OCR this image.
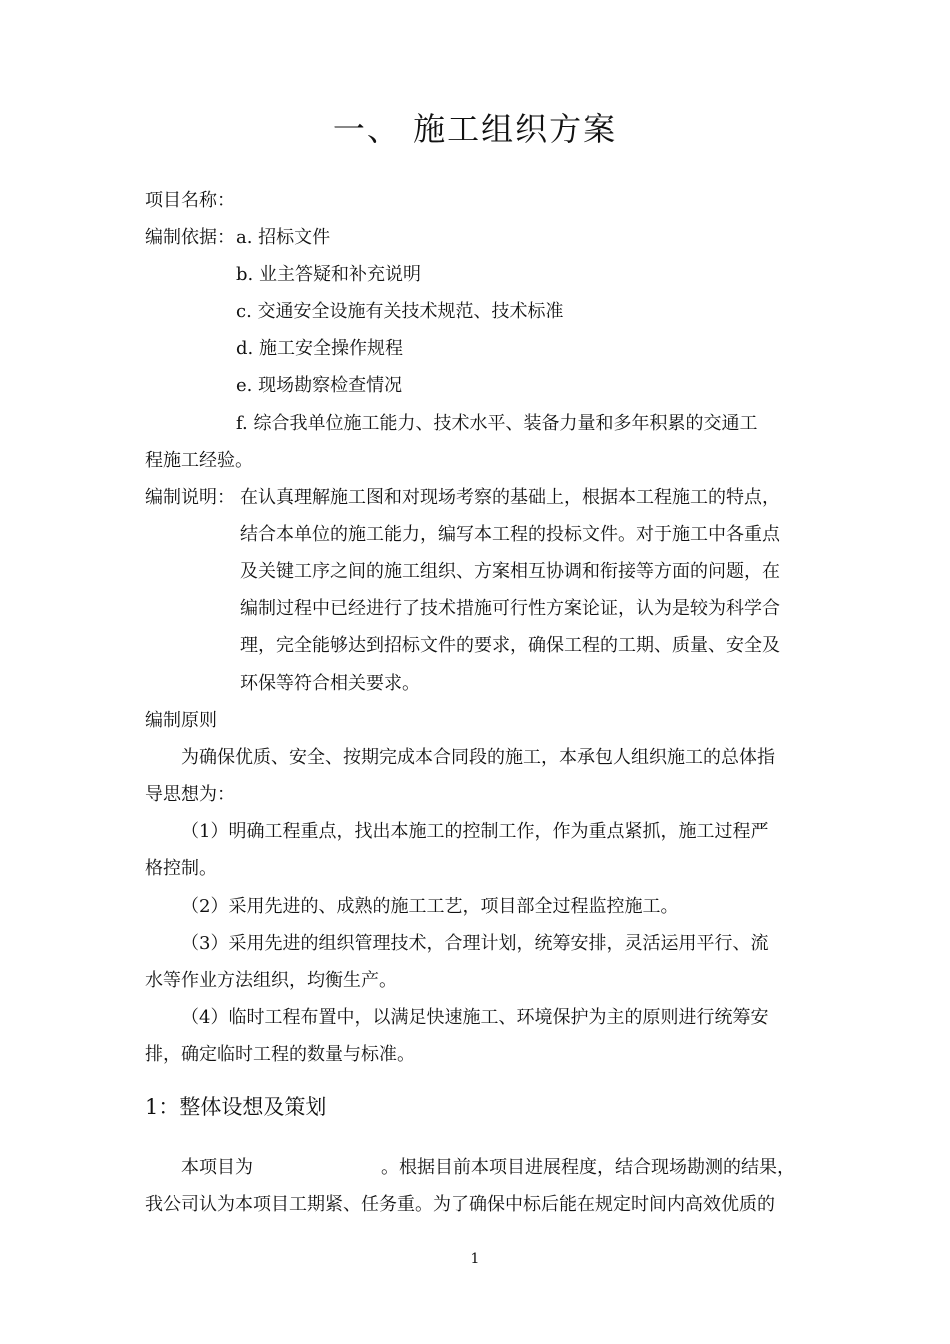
一、 施工组织方案
项目名称：
编制依据： a. 招标文件
b. 业主答疑和补充说明
c. 交通安全设施有关技术规范、技术标准
d. 施工安全操作规程
e. 现场勘察检查情况
f. 综合我单位施工能力、技术水平、装备力量和多年积累的交通工
程施工经验。
编制说明： 在认真理解施工图和对现场考察的基础上，根据本工程施工的特点，
结合本单位的施工能力，编写本工程的投标文件。对于施工中各重点
及关键工序之间的施工组织、方案相互协调和衔接等方面的问题，在
编制过程中已经进行了技术措施可行性方案论证，认为是较为科学合
理，完全能够达到招标文件的要求，确保工程的工期、质量、安全及
环保等符合相关要求。
编制原则
为确保优质、安全、按期完成本合同段的施工，本承包人组织施工的总体指
导思想为：
（1）明确工程重点，找出本施工的控制工作，作为重点紧抓，施工过程严
格控制。
（2）采用先进的、成熟的施工工艺，项目部全过程监控施工。
（3）采用先进的组织管理技术，合理计划，统筹安排，灵活运用平行、流
水等作业方法组织，均衡生产。
（4）临时工程布置中，以满足快速施工、环境保护为主的原则进行统筹安
排，确定临时工程的数量与标准。
1：整体设想及策划
本项目为	。根据目前本项目进展程度，结合现场勘测的结果，
我公司认为本项目工期紧、任务重。为了确保中标后能在规定时间内高效优质的
1
